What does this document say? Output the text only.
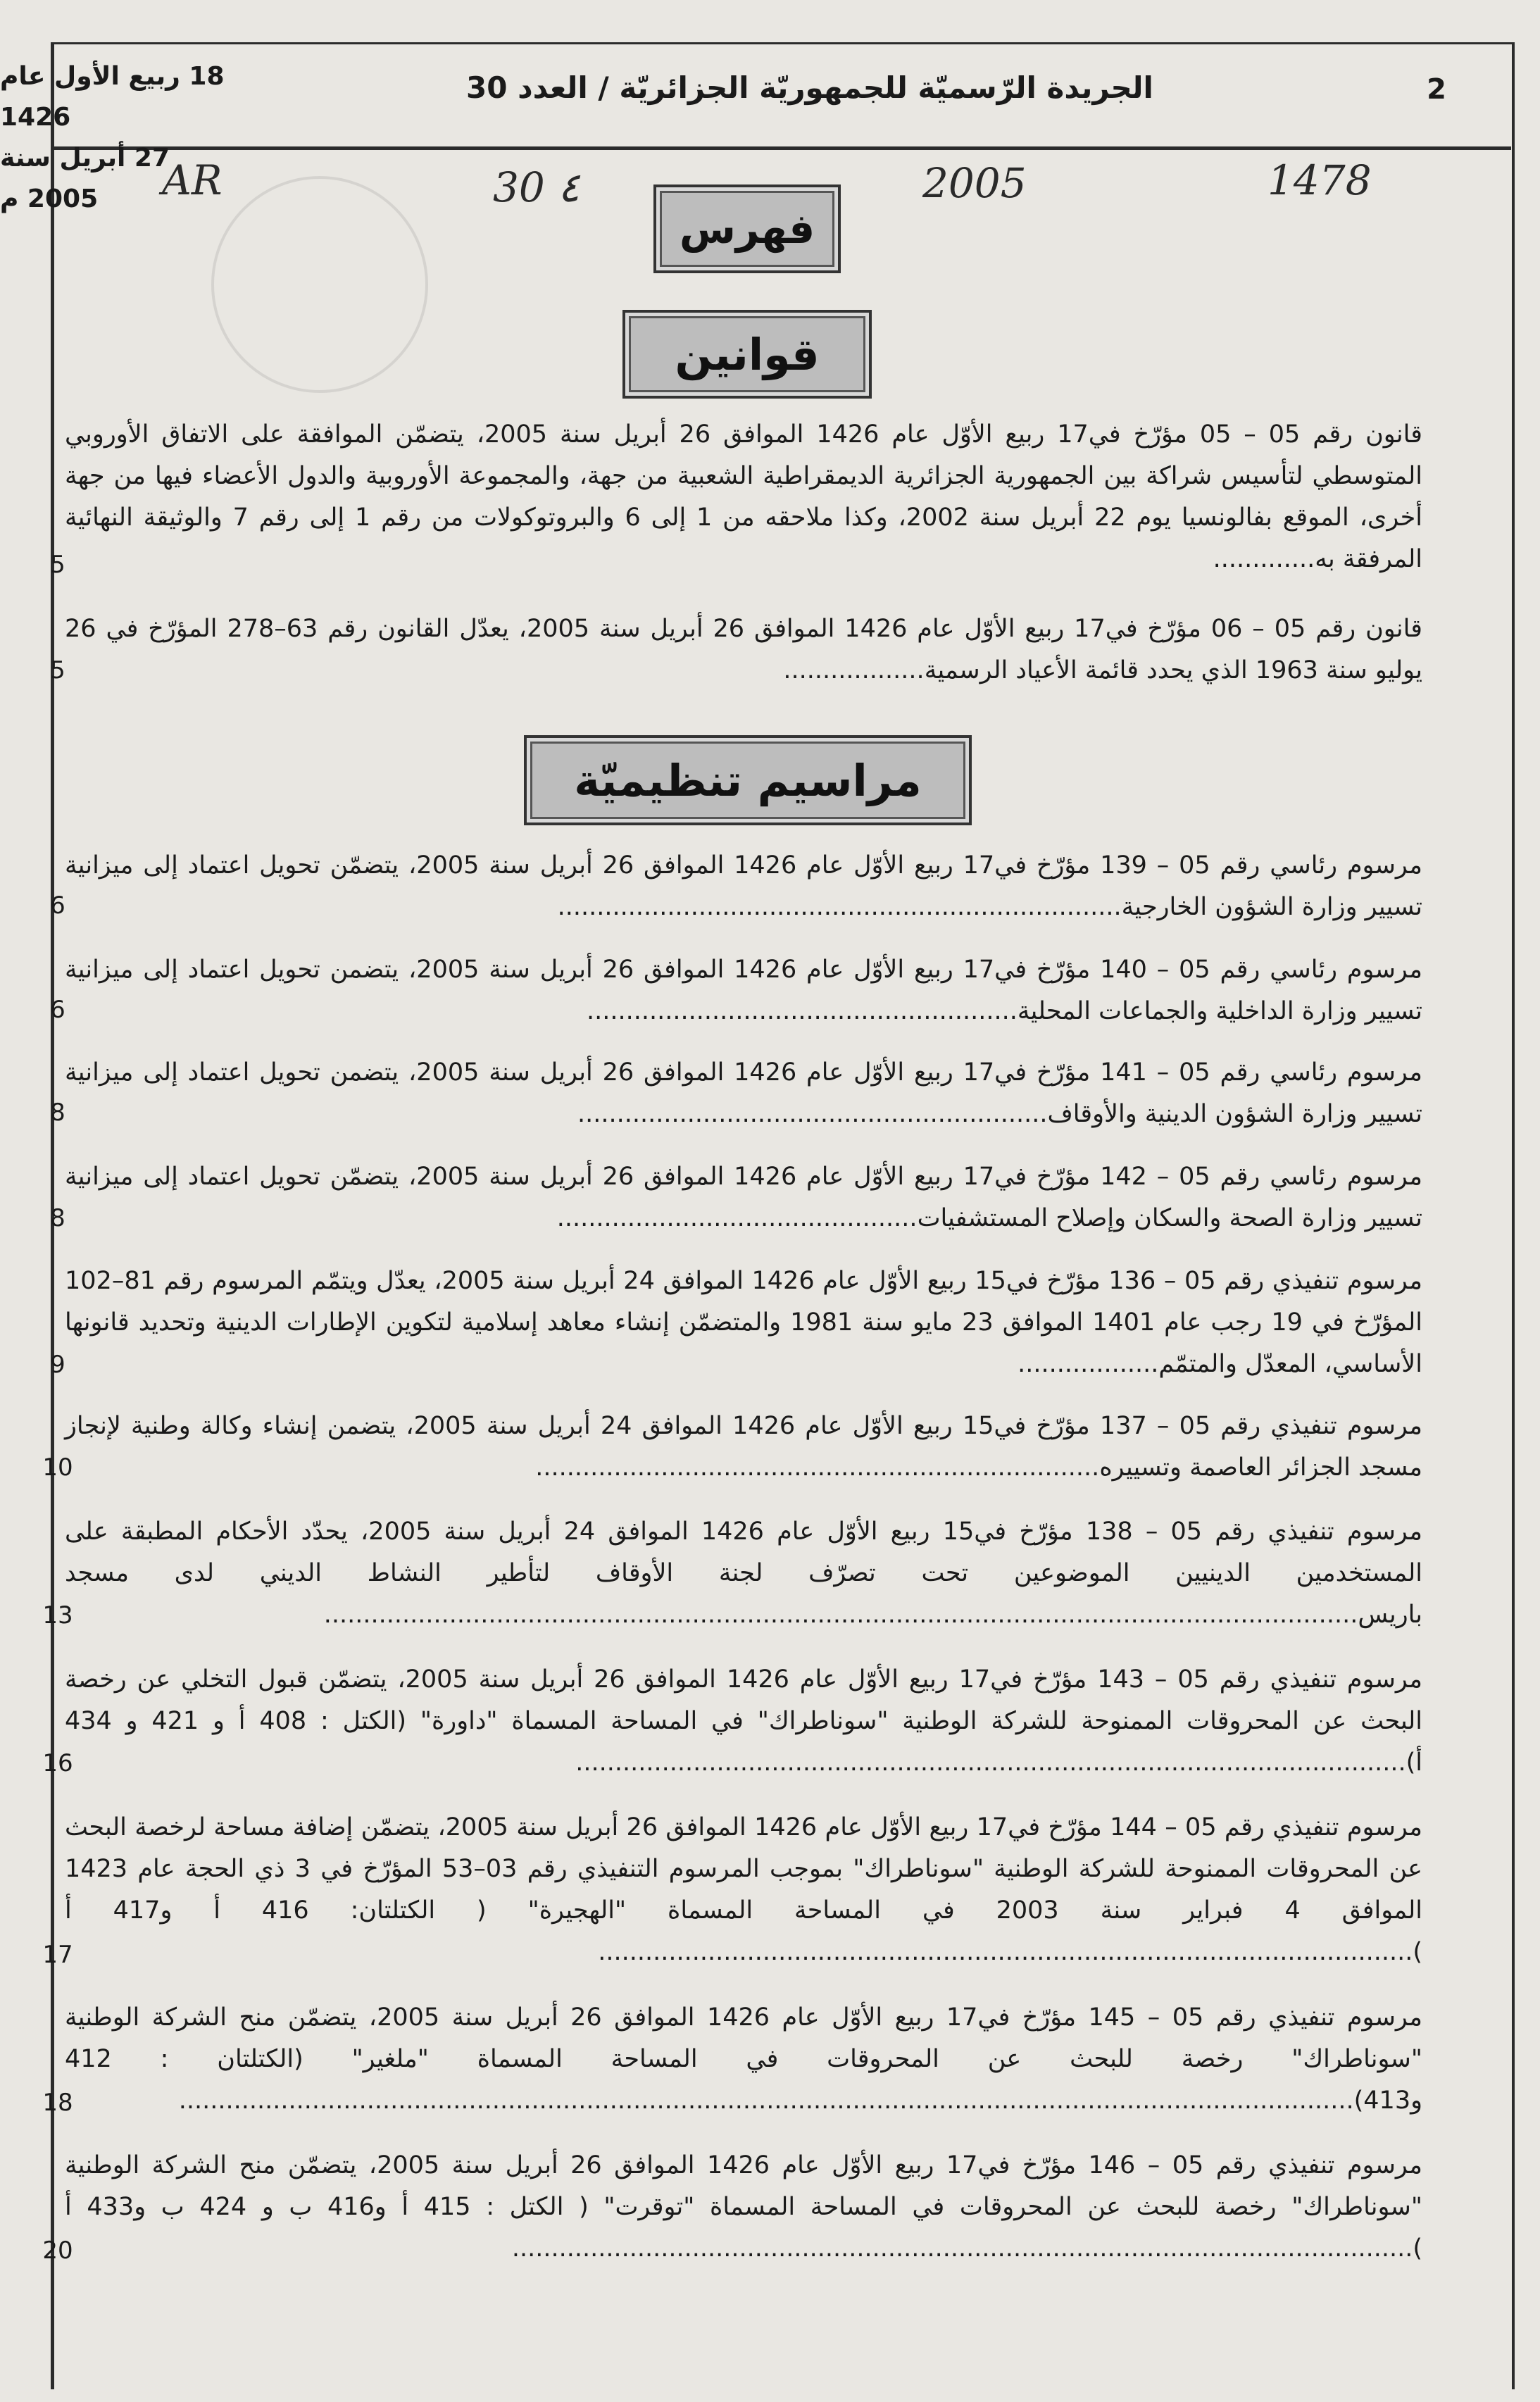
18 ربيع الأول عام 1426
27 أبريل سنة 2005 م
الجريدة الرّسميّة للجمهوريّة الجزائريّة / العدد 30	2
AR	30 ٤	2005	1478
فهرس
قوانين
مراسيم تنظيميّة
قانون رقم 05 – 05 مؤرّخ في17 ربيع الأوّل عام 1426 الموافق 26 أبريل سنة 2005، يتضمّن الموافقة على الاتفاق الأوروبي المتوسطي لتأسيس شراكة بين الجمهورية الجزائرية الديمقراطية الشعبية من جهة، والمجموعة الأوروبية والدول الأعضاء فيها من جهة أخرى، الموقع بفالونسيا يوم 22 أبريل سنة 2002، وكذا ملاحقه من 1 إلى 6 والبروتوكولات من رقم 1 إلى رقم 7 والوثيقة النهائية المرفقة به.............
5
قانون رقم 05 – 06 مؤرّخ في17 ربيع الأوّل عام 1426 الموافق 26 أبريل سنة 2005، يعدّل القانون رقم 63–278 المؤرّخ في 26 يوليو سنة 1963 الذي يحدد قائمة الأعياد الرسمية..................
5
مرسوم رئاسي رقم 05 – 139 مؤرّخ في17 ربيع الأوّل عام 1426 الموافق 26 أبريل سنة 2005، يتضمّن تحويل اعتماد إلى ميزانية تسيير وزارة الشؤون الخارجية........................................................................
6
مرسوم رئاسي رقم 05 – 140 مؤرّخ في17 ربيع الأوّل عام 1426 الموافق 26 أبريل سنة 2005، يتضمن تحويل اعتماد إلى ميزانية تسيير وزارة الداخلية والجماعات المحلية.......................................................
6
مرسوم رئاسي رقم 05 – 141 مؤرّخ في17 ربيع الأوّل عام 1426 الموافق 26 أبريل سنة 2005، يتضمن تحويل اعتماد إلى ميزانية تسيير وزارة الشؤون الدينية والأوقاف............................................................
8
مرسوم رئاسي رقم 05 – 142 مؤرّخ في17 ربيع الأوّل عام 1426 الموافق 26 أبريل سنة 2005، يتضمّن تحويل اعتماد إلى ميزانية تسيير وزارة الصحة والسكان وإصلاح المستشفيات..............................................
8
مرسوم تنفيذي رقم 05 – 136 مؤرّخ في15 ربيع الأوّل عام 1426 الموافق 24 أبريل سنة 2005، يعدّل ويتمّم المرسوم رقم 81–102 المؤرّخ في 19 رجب عام 1401 الموافق 23 مايو سنة 1981 والمتضمّن إنشاء معاهد إسلامية لتكوين الإطارات الدينية وتحديد قانونها الأساسي، المعدّل والمتمّم..................
9
مرسوم تنفيذي رقم 05 – 137 مؤرّخ في15 ربيع الأوّل عام 1426 الموافق 24 أبريل سنة 2005، يتضمن إنشاء وكالة وطنية لإنجاز مسجد الجزائر العاصمة وتسييره........................................................................
10
مرسوم تنفيذي رقم 05 – 138 مؤرّخ في15 ربيع الأوّل عام 1426 الموافق 24 أبريل سنة 2005، يحدّد الأحكام المطبقة على المستخدمين الدينيين الموضوعين تحت تصرّف لجنة الأوقاف لتأطير النشاط الديني لدى مسجد باريس....................................................................................................................................
13
مرسوم تنفيذي رقم 05 – 143 مؤرّخ في17 ربيع الأوّل عام 1426 الموافق 26 أبريل سنة 2005، يتضمّن قبول التخلي عن رخصة البحث عن المحروقات الممنوحة للشركة الوطنية "سوناطراك" في المساحة المسماة "داورة" (الكتل : 408 أ و 421 و 434 أ)..........................................................................................................
16
مرسوم تنفيذي رقم 05 – 144 مؤرّخ في17 ربيع الأوّل عام 1426 الموافق 26 أبريل سنة 2005، يتضمّن إضافة مساحة لرخصة البحث عن المحروقات الممنوحة للشركة الوطنية "سوناطراك" بموجب المرسوم التنفيذي رقم 03–53 المؤرّخ في 3 ذي الحجة عام 1423 الموافق 4 فبراير سنة 2003 في المساحة المسماة "الهجيرة" ( الكتلتان: 416 أ و417 أ )........................................................................................................
17
مرسوم تنفيذي رقم 05 – 145 مؤرّخ في17 ربيع الأوّل عام 1426 الموافق 26 أبريل سنة 2005، يتضمّن منح الشركة الوطنية "سوناطراك" رخصة للبحث عن المحروقات في المساحة المسماة "ملغير" (الكتلتان : 412 و413)......................................................................................................................................................
18
مرسوم تنفيذي رقم 05 – 146 مؤرّخ في17 ربيع الأوّل عام 1426 الموافق 26 أبريل سنة 2005، يتضمّن منح الشركة الوطنية "سوناطراك" رخصة للبحث عن المحروقات في المساحة المسماة "توقرت" ( الكتل : 415 أ و416 ب و 424 ب و433 أ )...................................................................................................................
20
